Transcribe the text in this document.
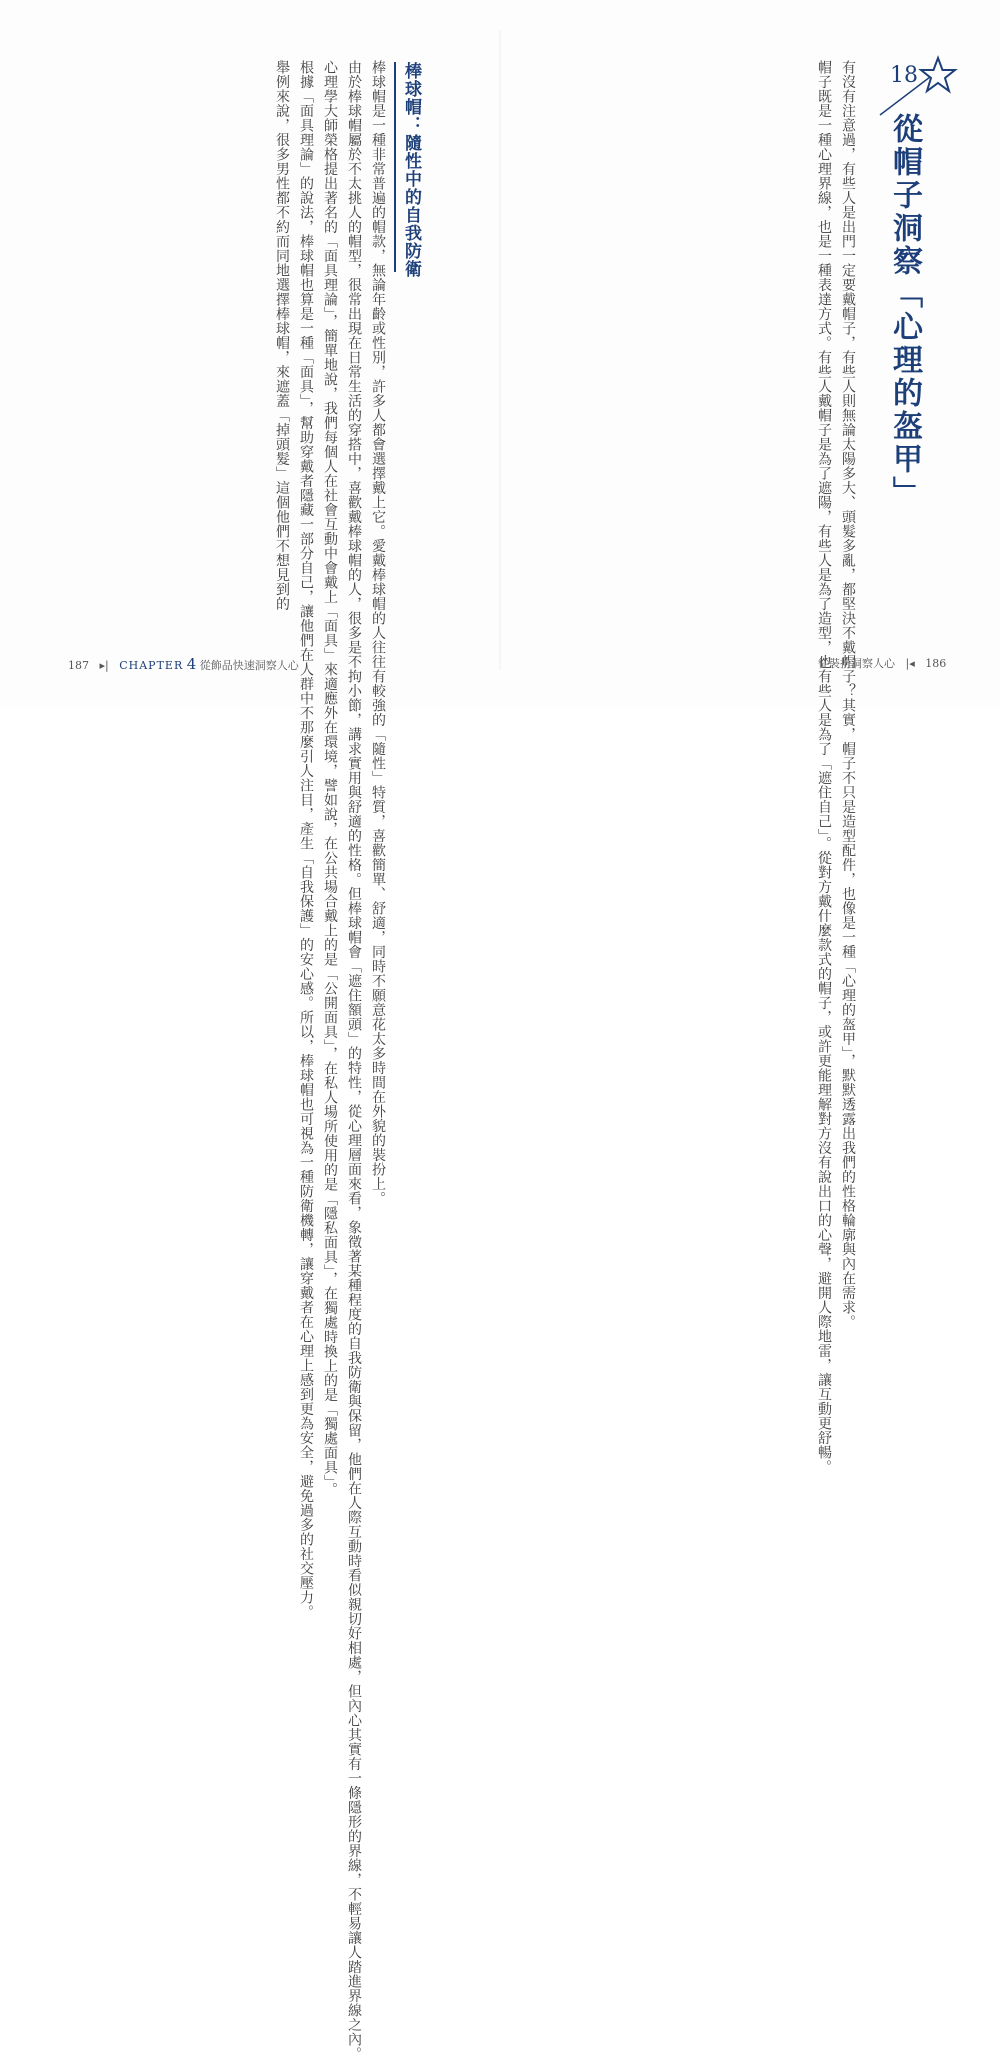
18
從帽子洞察「心理的盔甲」

有沒有注意過，有些人是出門一定要戴帽子，有些人則無論太陽多大、頭髮多亂，都堅決不戴帽子？其實，帽子不只是造型配件，也像是一種「心理的盔甲」，默默透露出我們的性格輪廓與內在需求。

帽子既是一種心理界線，也是一種表達方式。有些人戴帽子是為了遮陽，有些人是為了造型，也有些人是為了「遮住自己」。從對方戴什麼款式的帽子，或許更能理解對方沒有說出口的心聲，避開人際地雷，讓互動更舒暢。

從裝扮洞察人心   |◂   186
棒球帽：隨性中的自我防衛

棒球帽是一種非常普遍的帽款，無論年齡或性別，許多人都會選擇戴上它。愛戴棒球帽的人往往有較強的「隨性」特質，喜歡簡單、舒適，同時不願意花太多時間在外貌的裝扮上。

由於棒球帽屬於不太挑人的帽型，很常出現在日常生活的穿搭中，喜歡戴棒球帽的人，很多是不拘小節，講求實用與舒適的性格。但棒球帽會「遮住額頭」的特性，從心理層面來看，象徵著某種程度的自我防衛與保留，他們在人際互動時看似親切好相處，但內心其實有一條隱形的界線，不輕易讓人踏進界線之內。

心理學大師榮格提出著名的「面具理論」，簡單地說，我們每個人在社會互動中會戴上「面具」來適應外在環境，譬如說，在公共場合戴上的是「公開面具」，在私人場所使用的是「隱私面具」，在獨處時換上的是「獨處面具」。

根據「面具理論」的說法，棒球帽也算是一種「面具」，幫助穿戴者隱藏一部分自己，讓他們在人群中不那麼引人注目，產生「自我保護」的安心感。所以，棒球帽也可視為一種防衛機轉，讓穿戴者在心理上感到更為安全，避免過多的社交壓力。

舉例來說，很多男性都不約而同地選擇棒球帽，來遮蓋「掉頭髮」這個他們不想見到的

187   ▸|   CHAPTER 4 從飾品快速洞察人心
